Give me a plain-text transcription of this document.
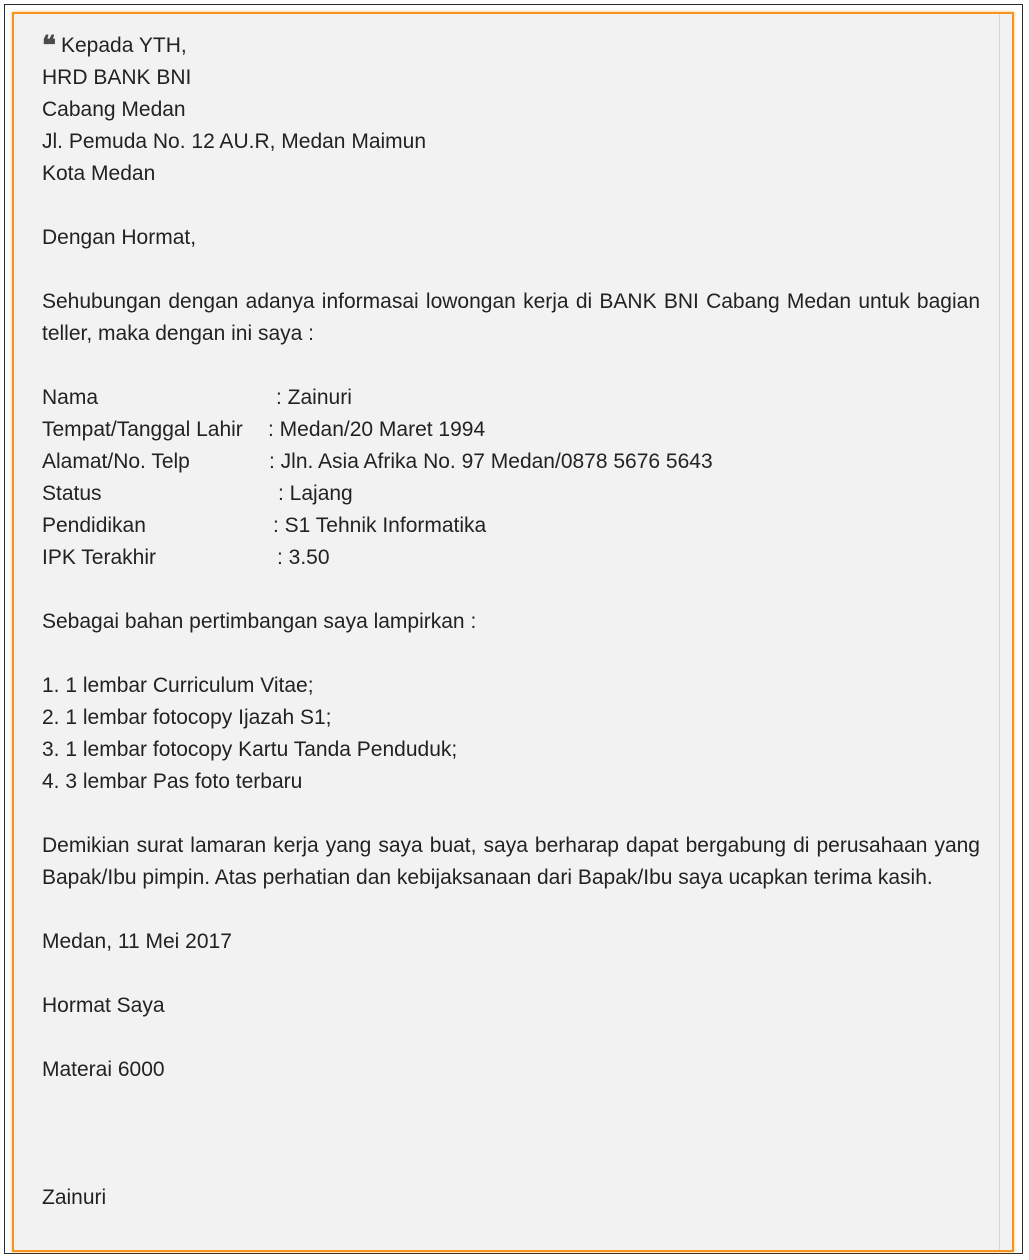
❝ Kepada YTH,
HRD BANK BNI
Cabang Medan
Jl. Pemuda No. 12 AU.R, Medan Maimun
Kota Medan
Dengan Hormat,
Sehubungan dengan adanya informasai lowongan kerja di BANK BNI Cabang Medan untuk bagian teller, maka dengan ini saya :
Nama	: Zainuri
Tempat/Tanggal Lahir : Medan/20 Maret 1994
Alamat/No. Telp	: Jln. Asia Afrika No. 97 Medan/0878 5676 5643
Status	: Lajang
Pendidikan	: S1 Tehnik Informatika
IPK Terakhir	: 3.50
Sebagai bahan pertimbangan saya lampirkan :
1. 1 lembar Curriculum Vitae;
2. 1 lembar fotocopy Ijazah S1;
3. 1 lembar fotocopy Kartu Tanda Penduduk;
4. 3 lembar Pas foto terbaru
Demikian surat lamaran kerja yang saya buat, saya berharap dapat bergabung di perusahaan yang Bapak/Ibu pimpin. Atas perhatian dan kebijaksanaan dari Bapak/Ibu saya ucapkan terima kasih.
Medan, 11 Mei 2017
Hormat Saya
Materai 6000
Zainuri
